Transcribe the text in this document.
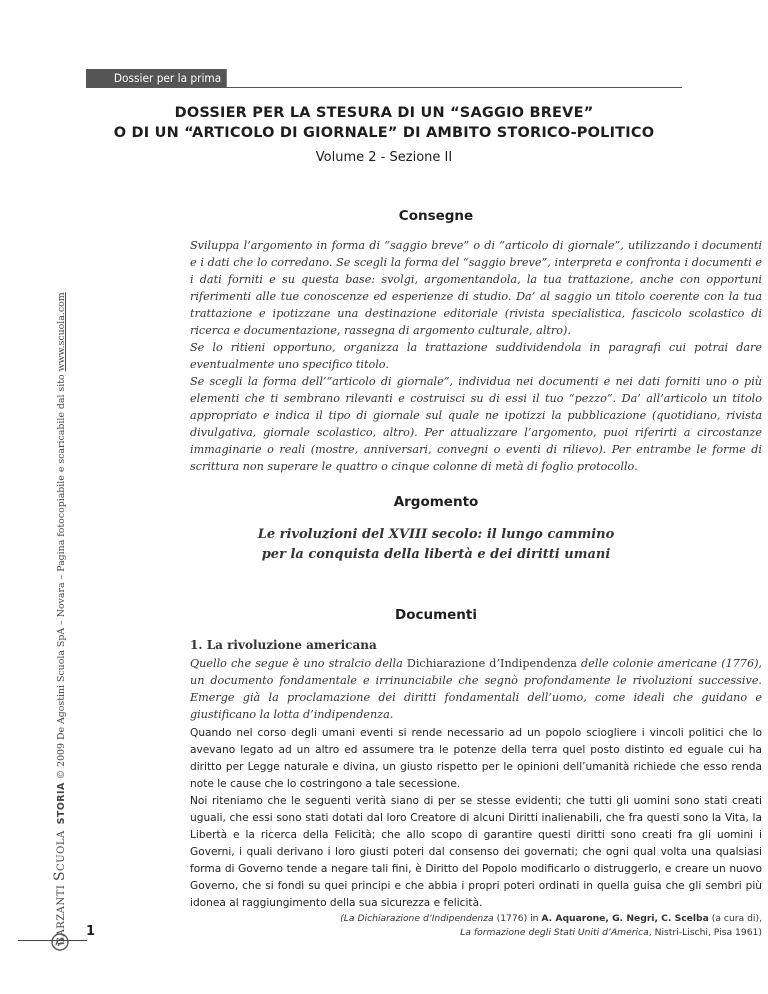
Dossier per la prima prova
DOSSIER PER LA STESURA DI UN “SAGGIO BREVE”
O DI UN “ARTICOLO DI GIORNALE” DI AMBITO STORICO-POLITICO
Volume 2 - Sezione II
Consegne

Sviluppa l’argomento in forma di “saggio breve” o di “articolo di giornale”, utilizzando i documenti e i dati che lo corredano. Se scegli la forma del “saggio breve”, interpreta e confronta i documenti e i dati forniti e su questa base: svolgi, argomentandola, la tua trattazione, anche con opportuni riferimenti alle tue conoscenze ed esperienze di studio. Da’ al saggio un titolo coerente con la tua trattazione e ipotizzane una destinazione editoriale (rivista specialistica, fascicolo scolastico di ricerca e documentazione, rassegna di argomento culturale, altro).

Se lo ritieni opportuno, organizza la trattazione suddividendola in paragrafi cui potrai dare eventualmente uno specifico titolo.

Se scegli la forma dell’“articolo di giornale”, individua nei documenti e nei dati forniti uno o più elementi che ti sembrano rilevanti e costruisci su di essi il tuo “pezzo”. Da’ all’articolo un titolo appropriato e indica il tipo di giornale sul quale ne ipotizzi la pubblicazione (quotidiano, rivista divulgativa, giornale scolastico, altro). Per attualizzare l’argomento, puoi riferirti a circostanze immaginarie o reali (mostre, anniversari, convegni o eventi di rilievo). Per entrambe le forme di scrittura non superare le quattro o cinque colonne di metà di foglio protocollo.

Argomento
Le rivoluzioni del XVIII secolo: il lungo cammino
per la conquista della libertà e dei diritti umani
Documenti
1. La rivoluzione americana
Quello che segue è uno stralcio della Dichiarazione d’Indipendenza delle colonie americane (1776), un documento fondamentale e irrinunciabile che segnò profondamente le rivoluzioni successive. Emerge già la proclamazione dei diritti fondamentali dell’uomo, come ideali che guidano e giustificano la lotta d’indipendenza.

Quando nel corso degli umani eventi si rende necessario ad un popolo sciogliere i vincoli politici che lo avevano legato ad un altro ed assumere tra le potenze della terra quel posto distinto ed eguale cui ha diritto per Legge naturale e divina, un giusto rispetto per le opinioni dell’umanità richiede che esso renda note le cause che lo costringono a tale secessione.

Noi riteniamo che le seguenti verità siano di per se stesse evidenti; che tutti gli uomini sono stati creati uguali, che essi sono stati dotati dal loro Creatore di alcuni Diritti inalienabili, che fra questi sono la Vita, la Libertà e la ricerca della Felicità; che allo scopo di garantire questi diritti sono creati fra gli uomini i Governi, i quali derivano i loro giusti poteri dal consenso dei governati; che ogni qual volta una qualsiasi forma di Governo tende a negare tali fini, è Diritto del Popolo modificarlo o distruggerlo, e creare un nuovo Governo, che si fondi su quei principi e che abbia i propri poteri ordinati in quella guisa che gli sembri più idonea al raggiungimento della sua sicurezza e felicità.

(La Dichiarazione d’Indipendenza (1776) in A. Aquarone, G. Negri, C. Scelba (a cura di),
La formazione degli Stati Uniti d’America, Nistri-Lischi, Pisa 1961)
1
GARZANTI SCUOLA  STORIA © 2009 De Agostini Scuola SpA – Novara – Pagina fotocopiabile e scaricabile dal sito www.scuola.com
